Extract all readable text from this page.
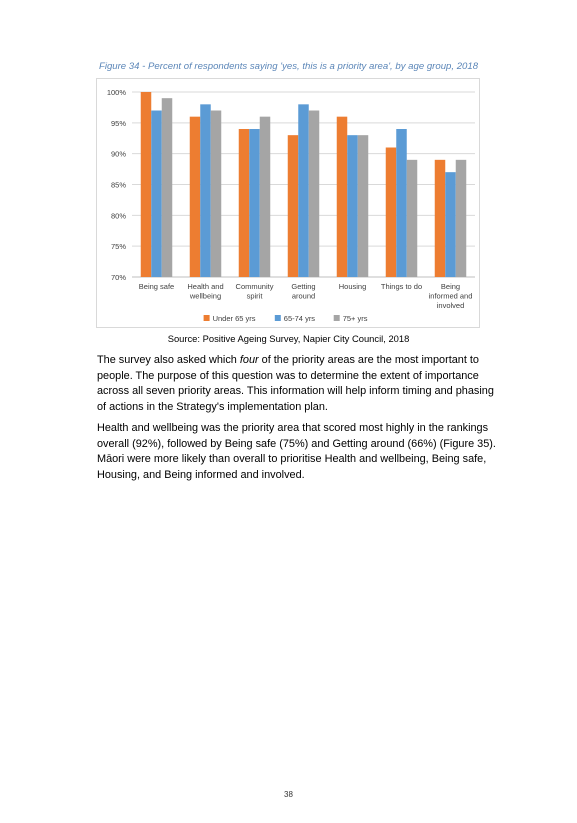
Figure 34 - Percent of respondents saying 'yes, this is a priority area', by age group, 2018
70%
75%
80%
85%
90%
95%
100%
Being safe Health and
wellbeing
Community
spirit
Getting
around
Housing Things to do	Being
informed and
involved
Under 65 yrs	65-74 yrs	75+ yrs
Source: Positive Ageing Survey, Napier City Council, 2018

The survey also asked which four of the priority areas are the most important to people. The purpose of this question was to determine the extent of importance across all seven priority areas. This information will help inform timing and phasing of actions in the Strategy's implementation plan.

Health and wellbeing was the priority area that scored most highly in the rankings overall (92%), followed by Being safe (75%) and Getting around (66%) (Figure 35). Māori were more likely than overall to prioritise Health and wellbeing, Being safe, Housing, and Being informed and involved.

38
